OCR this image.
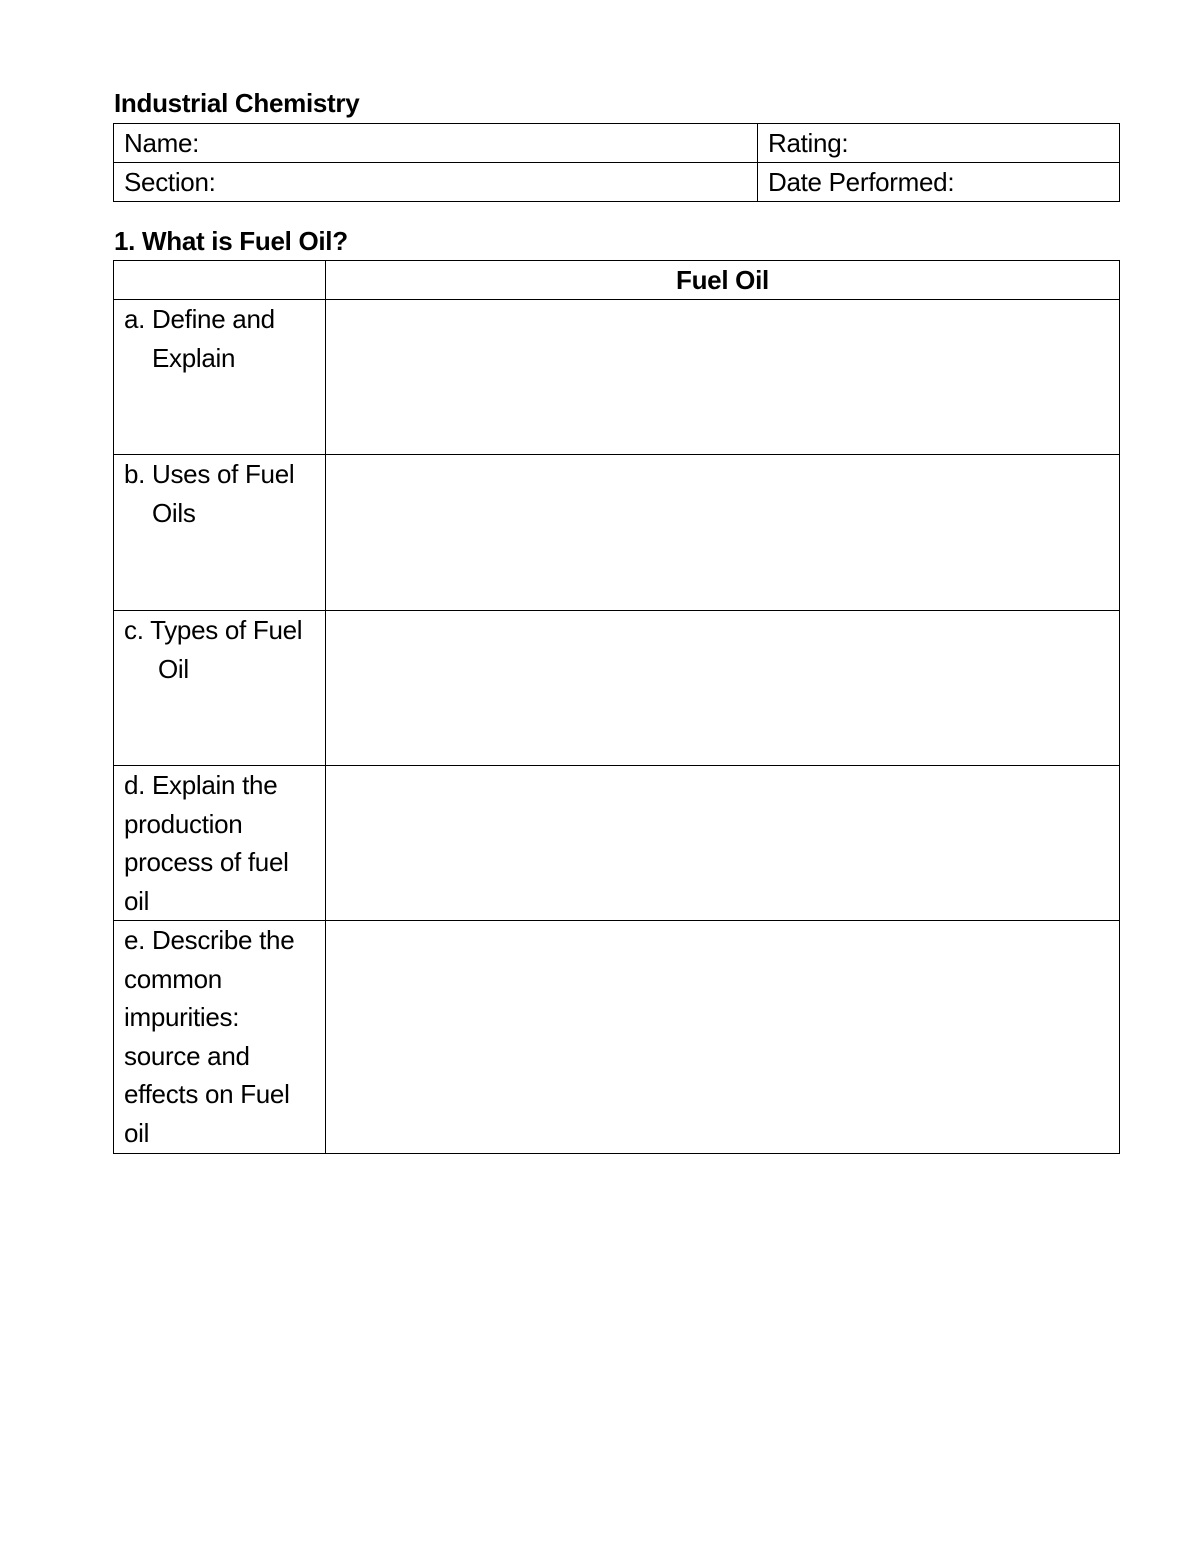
Industrial Chemistry
Name:	Rating:
Section:	Date Performed:
1. What is Fuel Oil?
	Fuel Oil

a. Define and Explain	

b. Uses of Fuel Oils	

c. Types of Fuel Oil	

d. Explain the production process of fuel oil	
e. Describe the common impurities: source and effects on Fuel oil	
